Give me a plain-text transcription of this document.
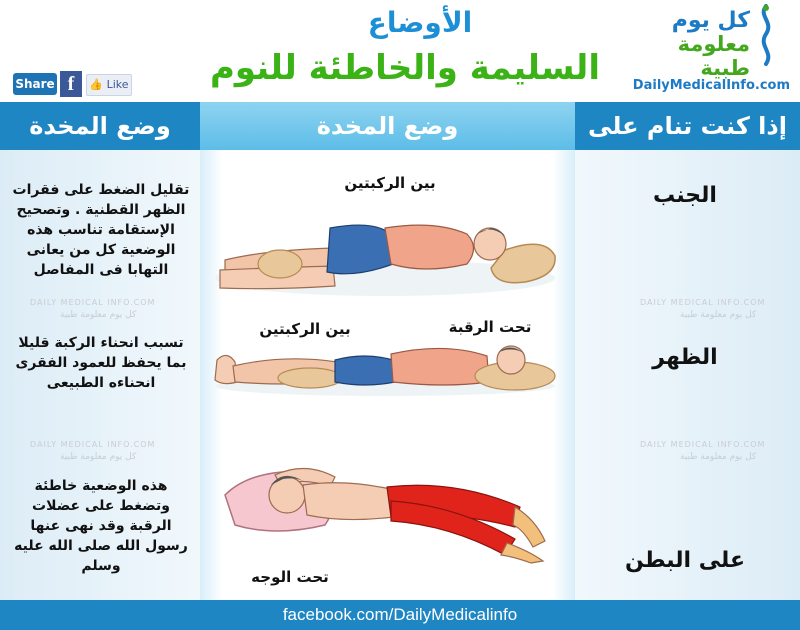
الأوضاع
السليمة والخاطئة للنوم
Share f	👍 Like
كل يوم
معلومة طبية
DailyMedicalInfo.com
وضع المخدة	وضع المخدة	إذا كنت تنام على
DAILY MEDICAL INFO.COM
كل يوم معلومة طبية
DAILY MEDICAL INFO.COM
كل يوم معلومة طبية
DAILY MEDICAL INFO.COM
كل يوم معلومة طبية
DAILY MEDICAL INFO.COM
كل يوم معلومة طبية
الجنب
تقليل الضغط على فقرات الظهر القطنية . وتصحيح الإستقامة تناسب هذه الوضعية كل من يعانى التهابا فى المفاصل
بين الركبتين
الظهر
تسبب انحناء الركبة قليلا بما يحفظ للعمود الفقرى انحناءه الطبيعى
بين الركبتين	تحت الرقبة
على البطن
هذه الوضعية خاطئة وتضغط على عضلات الرقبة وقد نهى عنها رسول الله صلى الله عليه وسلم
تحت الوجه
facebook.com/DailyMedicalinfo
